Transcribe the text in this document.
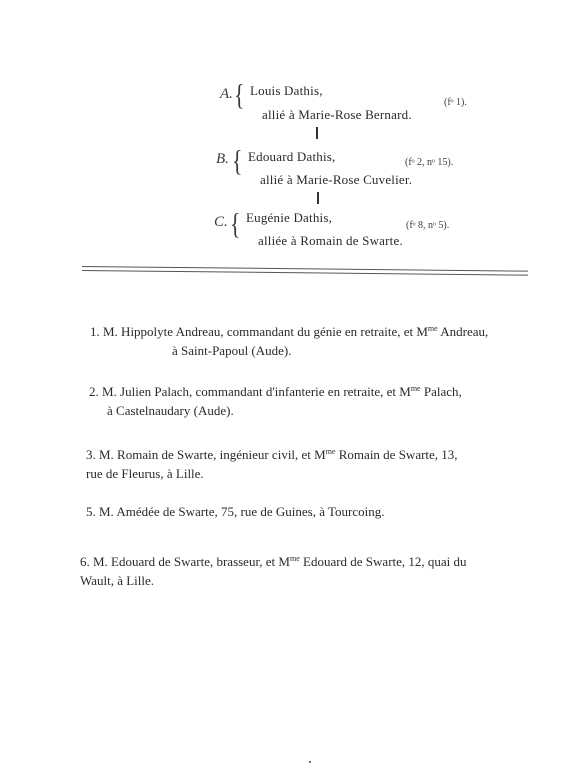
A. { Louis Dathis,
allié à Marie-Rose Bernard.
(fᵒ 1).
B. { Edouard Dathis,
allié à Marie-Rose Cuvelier.
(fᵒ 2, nᵒ 15).
C. { Eugénie Dathis,
alliée à Romain de Swarte.
(fᵒ 8, nᵒ 5).
1. M. Hippolyte Andreau, commandant du génie en retraite, et $M^{me}$ Andreau,
à Saint-Papoul (Aude).
2. M. Julien Palach, commandant d'infanterie en retraite, et $M^{me}$ Palach,
à Castelnaudary (Aude).
3. M. Romain de Swarte, ingénieur civil, et $M^{me}$ Romain de Swarte, 13,
rue de Fleurus, à Lille.
5. M. Amédée de Swarte, 75, rue de Guines, à Tourcoing.
6. M. Edouard de Swarte, brasseur, et $M^{me}$ Edouard de Swarte, 12, quai du
Wault, à Lille.
